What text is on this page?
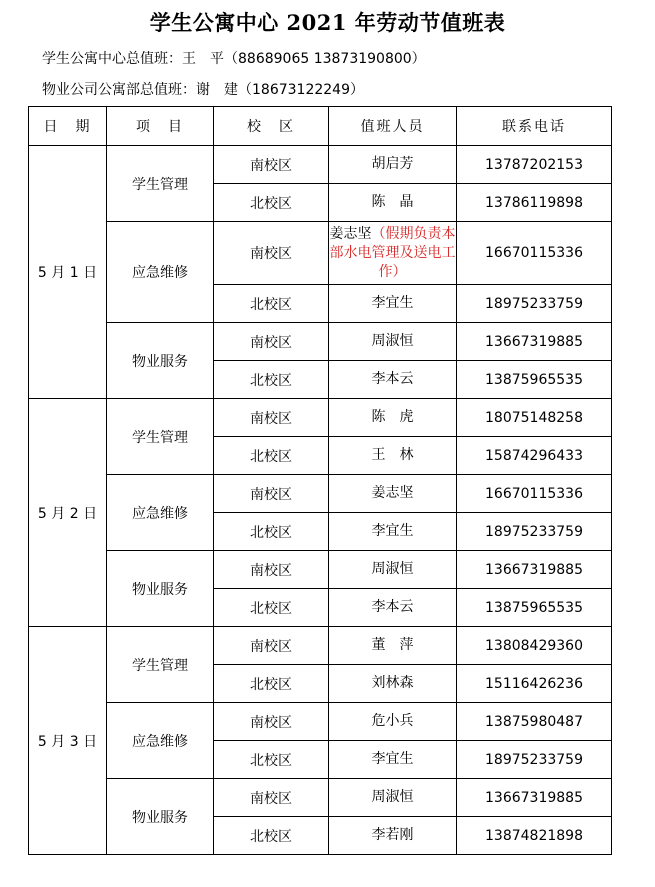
学生公寓中心 2021 年劳动节值班表
学生公寓中心总值班：王　平（88689065 13873190800）
物业公司公寓部总值班：谢　建（18673122249）
日　期	项　目	校　区	值班人员	联系电话
5 月 1 日	学生管理	南校区	胡启芳	13787202153
		北校区	陈　晶	13786119898
	应急维修	南校区	姜志坚（假期负责本部水电管理及送电工作）	16670115336
		北校区	李宜生	18975233759
	物业服务	南校区	周淑恒	13667319885
		北校区	李本云	13875965535
5 月 2 日	学生管理	南校区	陈　虎	18075148258
		北校区	王　林	15874296433
	应急维修	南校区	姜志坚	16670115336
		北校区	李宜生	18975233759
	物业服务	南校区	周淑恒	13667319885
		北校区	李本云	13875965535
5 月 3 日	学生管理	南校区	董　萍	13808429360
		北校区	刘林森	15116426236
	应急维修	南校区	危小兵	13875980487
		北校区	李宜生	18975233759
	物业服务	南校区	周淑恒	13667319885
		北校区	李若刚	13874821898
